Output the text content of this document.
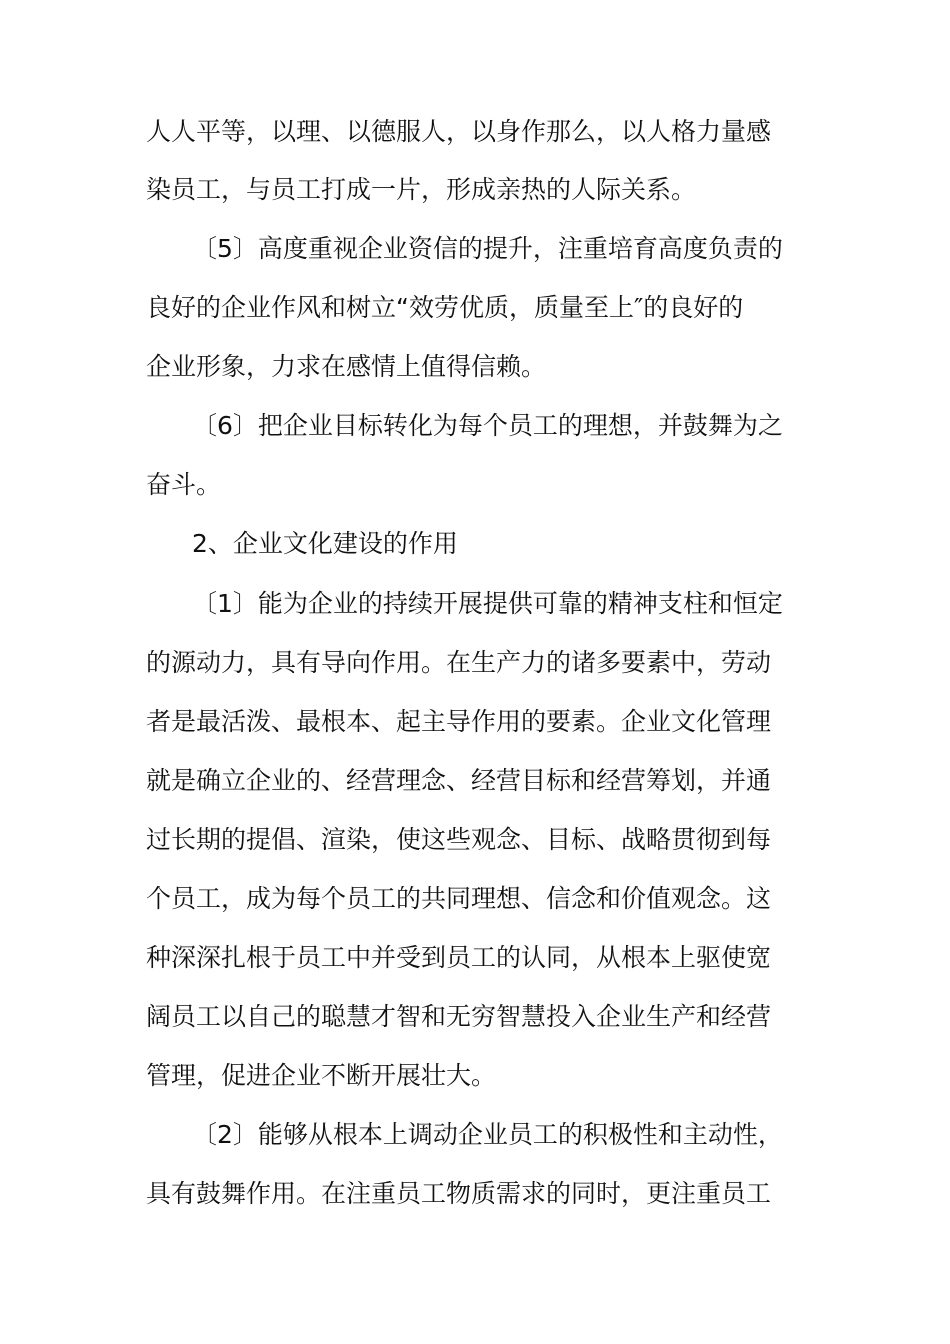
人人平等，以理、以德服人，以身作那么，以人格力量感
染员工，与员工打成一片，形成亲热的人际关系。
〔5〕高度重视企业资信的提升，注重培育高度负责的
良好的企业作风和树立“效劳优质，质量至上″的良好的
企业形象，力求在感情上值得信赖。
〔6〕把企业目标转化为每个员工的理想，并鼓舞为之
奋斗。
2、企业文化建设的作用
〔1〕能为企业的持续开展提供可靠的精神支柱和恒定
的源动力，具有导向作用。在生产力的诸多要素中，劳动
者是最活泼、最根本、起主导作用的要素。企业文化管理
就是确立企业的、经营理念、经营目标和经营筹划，并通
过长期的提倡、渲染，使这些观念、目标、战略贯彻到每
个员工，成为每个员工的共同理想、信念和价值观念。这
种深深扎根于员工中并受到员工的认同，从根本上驱使宽
阔员工以自己的聪慧才智和无穷智慧投入企业生产和经营
管理，促进企业不断开展壮大。
〔2〕能够从根本上调动企业员工的积极性和主动性，
具有鼓舞作用。在注重员工物质需求的同时，更注重员工
